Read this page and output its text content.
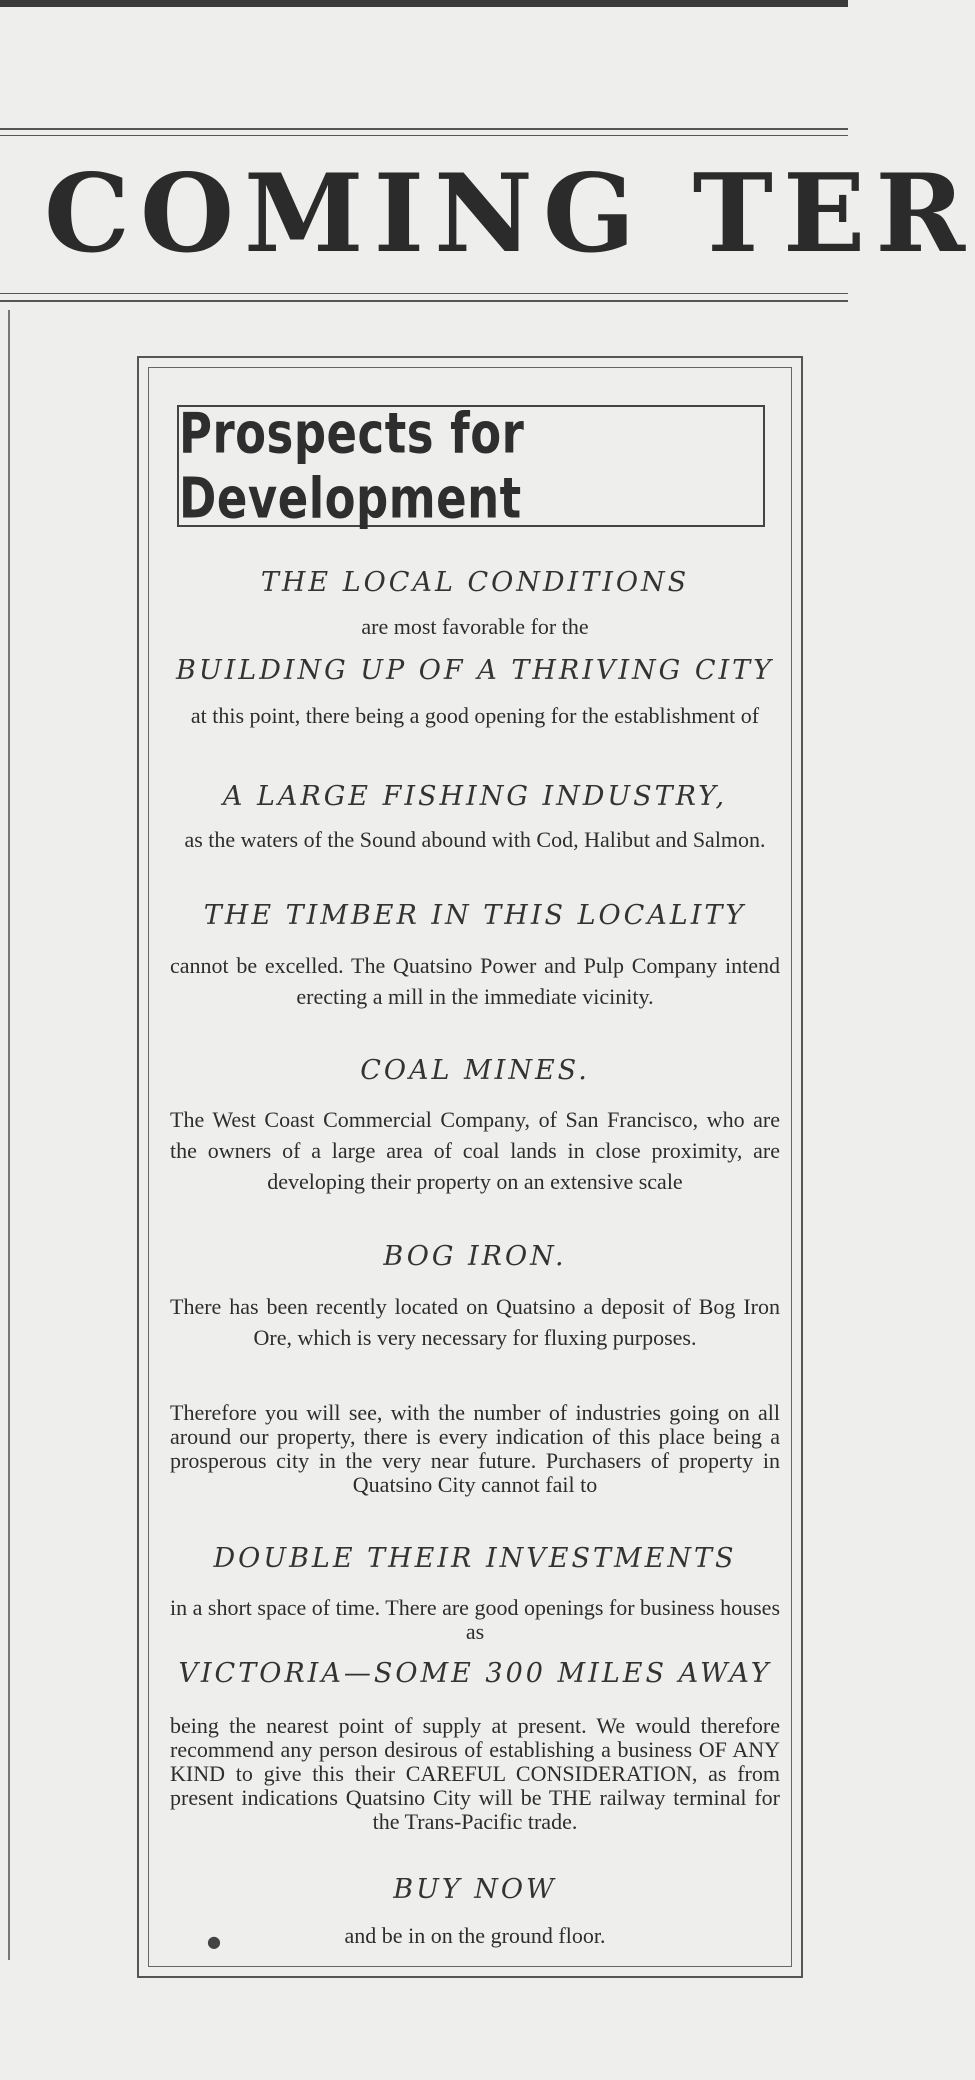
COMING TER
Prospects for Development
THE LOCAL CONDITIONS
are most favorable for the
BUILDING UP OF A THRIVING CITY
at this point, there being a good opening for the establishment of
A LARGE FISHING INDUSTRY,
as the waters of the Sound abound with Cod, Halibut and Salmon.
THE TIMBER IN THIS LOCALITY
cannot be excelled. The Quatsino Power and Pulp Company intend erecting a mill in the immediate vicinity.
COAL MINES.
The West Coast Commercial Company, of San Francisco, who are the owners of a large area of coal lands in close proximity, are developing their property on an extensive scale
BOG IRON.
There has been recently located on Quatsino a deposit of Bog Iron Ore, which is very necessary for fluxing purposes.
Therefore you will see, with the number of industries going on all around our property, there is every indication of this place being a prosperous city in the very near future. Purchasers of property in Quatsino City cannot fail to
DOUBLE THEIR INVESTMENTS
in a short space of time. There are good openings for business houses as
VICTORIA—SOME 300 MILES AWAY
being the nearest point of supply at present. We would therefore recommend any person desirous of establishing a business OF ANY KIND to give this their CAREFUL CONSIDERATION, as from present indications Quatsino City will be THE railway terminal for the Trans-Pacific trade.
BUY NOW
●	and be in on the ground floor.
